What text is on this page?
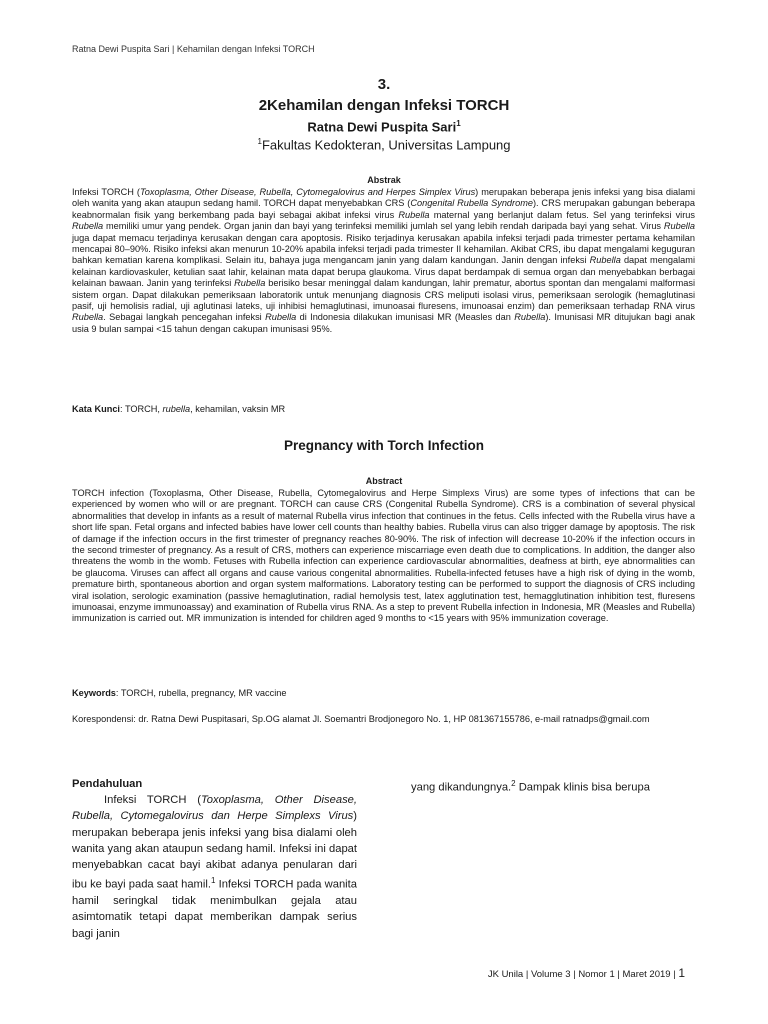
Ratna Dewi Puspita Sari | Kehamilan dengan Infeksi TORCH
3.
2Kehamilan dengan Infeksi TORCH
Ratna Dewi Puspita Sari$^1$
$^1$Fakultas Kedokteran, Universitas Lampung
Abstrak
Infeksi TORCH (Toxoplasma, Other Disease, Rubella, Cytomegalovirus and Herpes Simplex Virus) merupakan beberapa jenis infeksi yang bisa dialami oleh wanita yang akan ataupun sedang hamil. TORCH dapat menyebabkan CRS (Congenital Rubella Syndrome). CRS merupakan gabungan beberapa keabnormalan fisik yang berkembang pada bayi sebagai akibat infeksi virus Rubella maternal yang berlanjut dalam fetus. Sel yang terinfeksi virus Rubella memiliki umur yang pendek. Organ janin dan bayi yang terinfeksi memiliki jumlah sel yang lebih rendah daripada bayi yang sehat. Virus Rubella juga dapat memacu terjadinya kerusakan dengan cara apoptosis. Risiko terjadinya kerusakan apabila infeksi terjadi pada trimester pertama kehamilan mencapai 80–90%. Risiko infeksi akan menurun 10-20% apabila infeksi terjadi pada trimester II kehamilan. Akibat CRS, ibu dapat mengalami keguguran bahkan kematian karena komplikasi. Selain itu, bahaya juga mengancam janin yang dalam kandungan. Janin dengan infeksi Rubella dapat mengalami kelainan kardiovaskuler, ketulian saat lahir, kelainan mata dapat berupa glaukoma. Virus dapat berdampak di semua organ dan menyebabkan berbagai kelainan bawaan. Janin yang terinfeksi Rubella berisiko besar meninggal dalam kandungan, lahir prematur, abortus spontan dan mengalami malformasi sistem organ. Dapat dilakukan pemeriksaan laboratorik untuk menunjang diagnosis CRS meliputi isolasi virus, pemeriksaan serologik (hemaglutinasi pasif, uji hemolisis radial, uji aglutinasi lateks, uji inhibisi hemaglutinasi, imunoasai fluresens, imunoasai enzim) dan pemeriksaan terhadap RNA virus Rubella. Sebagai langkah pencegahan infeksi Rubella di Indonesia dilakukan imunisasi MR (Measles dan Rubella). Imunisasi MR ditujukan bagi anak usia 9 bulan sampai <15 tahun dengan cakupan imunisasi 95%.
Kata Kunci: TORCH, rubella, kehamilan, vaksin MR
Pregnancy with Torch Infection
Abstract
TORCH infection (Toxoplasma, Other Disease, Rubella, Cytomegalovirus and Herpe Simplexs Virus) are some types of infections that can be experienced by women who will or are pregnant. TORCH can cause CRS (Congenital Rubella Syndrome). CRS is a combination of several physical abnormalities that develop in infants as a result of maternal Rubella virus infection that continues in the fetus. Cells infected with the Rubella virus have a short life span. Fetal organs and infected babies have lower cell counts than healthy babies. Rubella virus can also trigger damage by apoptosis. The risk of damage if the infection occurs in the first trimester of pregnancy reaches 80-90%. The risk of infection will decrease 10-20% if the infection occurs in the second trimester of pregnancy. As a result of CRS, mothers can experience miscarriage even death due to complications. In addition, the danger also threatens the womb in the womb. Fetuses with Rubella infection can experience cardiovascular abnormalities, deafness at birth, eye abnormalities can be glaucoma. Viruses can affect all organs and cause various congenital abnormalities. Rubella-infected fetuses have a high risk of dying in the womb, premature birth, spontaneous abortion and organ system malformations. Laboratory testing can be performed to support the diagnosis of CRS including viral isolation, serologic examination (passive hemaglutination, radial hemolysis test, latex agglutination test, hemagglutination inhibition test, fluresens imunoasai, enzyme immunoassay) and examination of Rubella virus RNA. As a step to prevent Rubella infection in Indonesia, MR (Measles and Rubella) immunization is carried out. MR immunization is intended for children aged 9 months to <15 years with 95% immunization coverage.
Keywords: TORCH, rubella, pregnancy, MR vaccine
Korespondensi: dr. Ratna Dewi Puspitasari, Sp.OG alamat Jl. Soemantri Brodjonegoro No. 1, HP 081367155786, e-mail ratnadps@gmail.com
Pendahuluan
Infeksi TORCH (Toxoplasma, Other Disease, Rubella, Cytomegalovirus dan Herpe Simplexs Virus) merupakan beberapa jenis infeksi yang bisa dialami oleh wanita yang akan ataupun sedang hamil. Infeksi ini dapat menyebabkan cacat bayi akibat adanya penularan dari ibu ke bayi pada saat hamil.$^1$ Infeksi TORCH pada wanita hamil seringkal tidak menimbulkan gejala atau asimtomatik tetapi dapat memberikan dampak serius bagi janin
yang dikandungnya.$^2$ Dampak klinis bisa berupa
JK Unila | Volume 3 | Nomor 1 | Maret 2019 | 1
